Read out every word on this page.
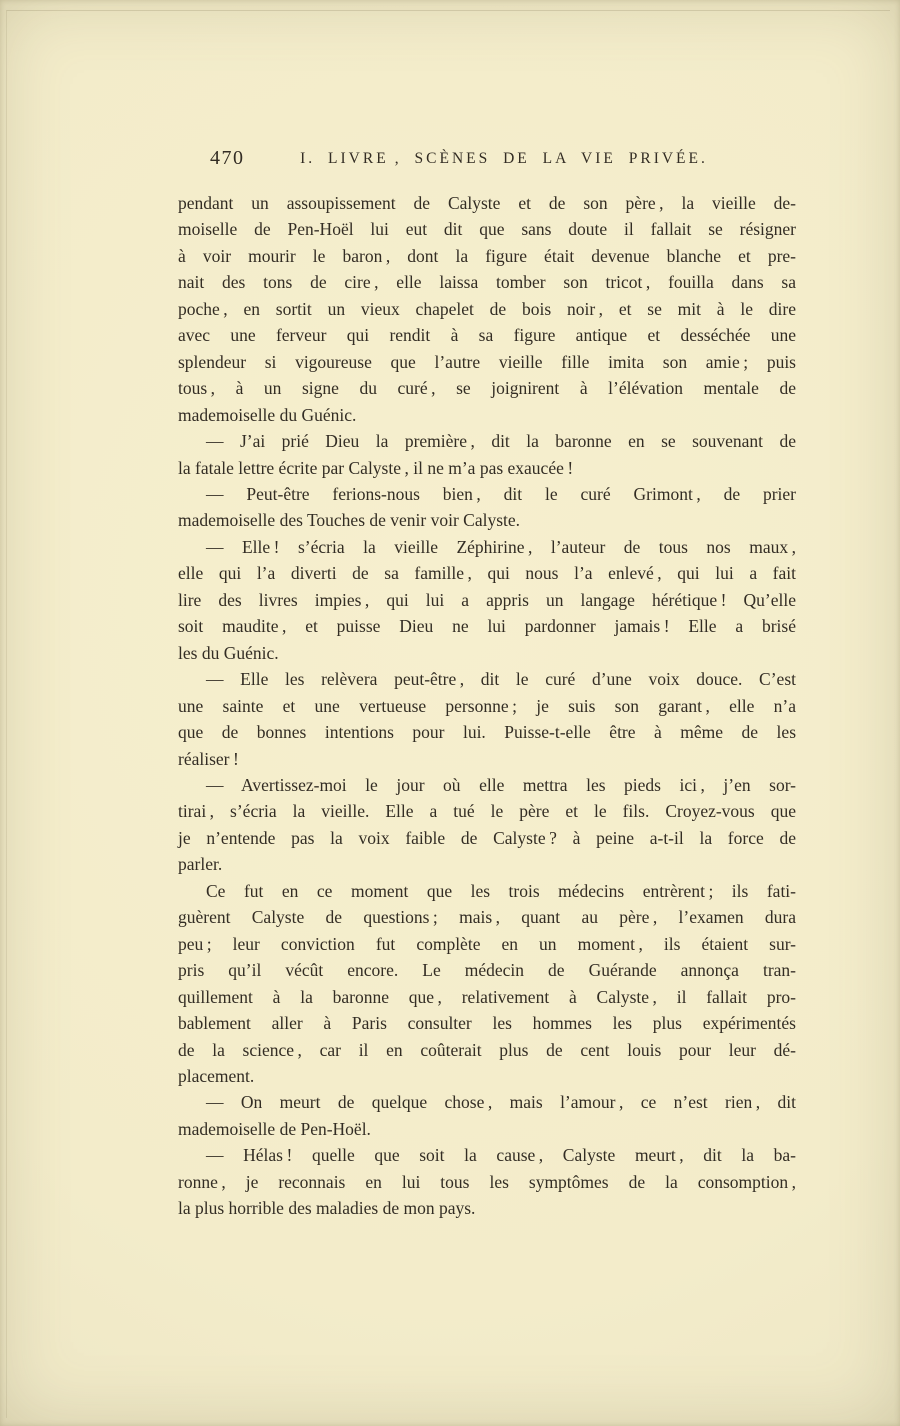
470	I. LIVRE , SCÈNES DE LA VIE PRIVÉE.

pendant un assoupissement de Calyste et de son père , la vieille de-
moiselle de Pen-Hoël lui eut dit que sans doute il fallait se résigner
à voir mourir le baron , dont la figure était devenue blanche et pre-
nait des tons de cire , elle laissa tomber son tricot , fouilla dans sa
poche , en sortit un vieux chapelet de bois noir , et se mit à le dire
avec une ferveur qui rendit à sa figure antique et desséchée une
splendeur si vigoureuse que l’autre vieille fille imita son amie ; puis
tous , à un signe du curé , se joignirent à l’élévation mentale de
mademoiselle du Guénic.

— J’ai prié Dieu la première , dit la baronne en se souvenant de
la fatale lettre écrite par Calyste , il ne m’a pas exaucée !

— Peut-être ferions-nous bien , dit le curé Grimont , de prier
mademoiselle des Touches de venir voir Calyste.

— Elle ! s’écria la vieille Zéphirine , l’auteur de tous nos maux ,
elle qui l’a diverti de sa famille , qui nous l’a enlevé , qui lui a fait
lire des livres impies , qui lui a appris un langage hérétique ! Qu’elle
soit maudite , et puisse Dieu ne lui pardonner jamais ! Elle a brisé
les du Guénic.

— Elle les relèvera peut-être , dit le curé d’une voix douce. C’est
une sainte et une vertueuse personne ; je suis son garant , elle n’a
que de bonnes intentions pour lui. Puisse-t-elle être à même de les
réaliser !

— Avertissez-moi le jour où elle mettra les pieds ici , j’en sor-
tirai , s’écria la vieille. Elle a tué le père et le fils. Croyez-vous que
je n’entende pas la voix faible de Calyste ? à peine a-t-il la force de
parler.

Ce fut en ce moment que les trois médecins entrèrent ; ils fati-
guèrent Calyste de questions ; mais , quant au père , l’examen dura
peu ; leur conviction fut complète en un moment , ils étaient sur-
pris qu’il vécût encore. Le médecin de Guérande annonça tran-
quillement à la baronne que , relativement à Calyste , il fallait pro-
bablement aller à Paris consulter les hommes les plus expérimentés
de la science , car il en coûterait plus de cent louis pour leur dé-
placement.

— On meurt de quelque chose , mais l’amour , ce n’est rien , dit
mademoiselle de Pen-Hoël.

— Hélas ! quelle que soit la cause , Calyste meurt , dit la ba-
ronne , je reconnais en lui tous les symptômes de la consomption ,
la plus horrible des maladies de mon pays.
